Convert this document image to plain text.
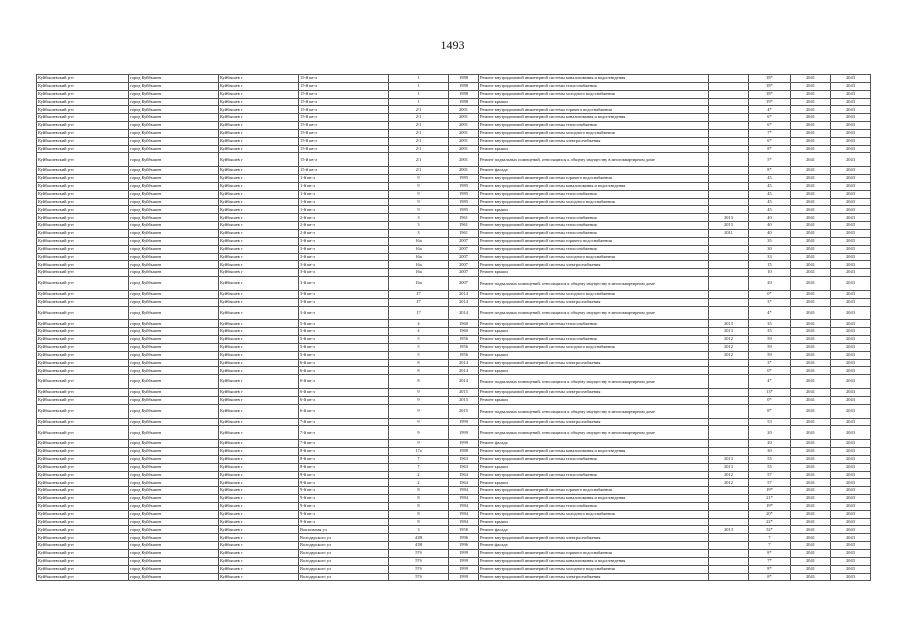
1493
Куйбышевский р-н	город Куйбышев	Куйбышев г	15-й кв-л	1	1988	Ремонт внутридомовой инженерной системы канализования и водоотведения		18*	2041	2043
Куйбышевский р-н	город Куйбышев	Куйбышев г	15-й кв-л	1	1988	Ремонт внутридомовой инженерной системы теплоснабжения		18*	2041	2043
Куйбышевский р-н	город Куйбышев	Куйбышев г	15-й кв-л	1	1988	Ремонт внутридомовой инженерной системы холодного водоснабжения		18*	2041	2043
Куйбышевский р-н	город Куйбышев	Куйбышев г	15-й кв-л	1	1988	Ремонт крыши		19*	2041	2043
Куйбышевский р-н	город Куйбышев	Куйбышев г	15-й кв-л	2/1	2001	Ремонт внутридомовой инженерной системы горячего водоснабжения		4*	2041	2043
Куйбышевский р-н	город Куйбышев	Куйбышев г	15-й кв-л	2/1	2001	Ремонт внутридомовой инженерной системы канализования и водоотведения		6*	2041	2043
Куйбышевский р-н	город Куйбышев	Куйбышев г	15-й кв-л	2/1	2001	Ремонт внутридомовой инженерной системы теплоснабжения		6*	2041	2043
Куйбышевский р-н	город Куйбышев	Куйбышев г	15-й кв-л	2/1	2001	Ремонт внутридомовой инженерной системы холодного водоснабжения		7*	2041	2043
Куйбышевский р-н	город Куйбышев	Куйбышев г	15-й кв-л	2/1	2001	Ремонт внутридомовой инженерной системы электроснабжения		6*	2041	2043
Куйбышевский р-н	город Куйбышев	Куйбышев г	15-й кв-л	2/1	2001	Ремонт крыши		8*	2041	2043
Куйбышевский р-н	город Куйбышев	Куйбышев г	15-й кв-л	2/1	2001	Ремонт подвальных помещений, относящихся к общему имуществу в многоквартирном доме		5*	2041	2043
Куйбышевский р-н	город Куйбышев	Куйбышев г	15-й кв-л	2/1	2001	Ремонт фасада		8*	2041	2043
Куйбышевский р-н	город Куйбышев	Куйбышев г	1-й кв-л	9	1985	Ремонт внутридомовой инженерной системы горячего водоснабжения		45	2041	2043
Куйбышевский р-н	город Куйбышев	Куйбышев г	1-й кв-л	9	1985	Ремонт внутридомовой инженерной системы канализования и водоотведения		45	2041	2043
Куйбышевский р-н	город Куйбышев	Куйбышев г	1-й кв-л	9	1985	Ремонт внутридомовой инженерной системы теплоснабжения		45	2041	2043
Куйбышевский р-н	город Куйбышев	Куйбышев г	1-й кв-л	9	1985	Ремонт внутридомовой инженерной системы холодного водоснабжения		45	2041	2043
Куйбышевский р-н	город Куйбышев	Куйбышев г	1-й кв-л	9	1985	Ремонт крыши		45	2041	2043
Куйбышевский р-н	город Куйбышев	Куйбышев г	2-й кв-л	3	1961	Ремонт внутридомовой инженерной системы теплоснабжения	2013	40	2041	2043
Куйбышевский р-н	город Куйбышев	Куйбышев г	2-й кв-л	3	1961	Ремонт внутридомовой инженерной системы теплоснабжения	2013	40	2041	2043
Куйбышевский р-н	город Куйбышев	Куйбышев г	2-й кв-л	3	1961	Ремонт внутридомовой инженерной системы теплоснабжения	2011	40	2041	2043
Куйбышевский р-н	город Куйбышев	Куйбышев г	3-й кв-л	16а	2007	Ремонт внутридомовой инженерной системы горячего водоснабжения		35	2041	2043
Куйбышевский р-н	город Куйбышев	Куйбышев г	3-й кв-л	16а	2007	Ремонт внутридомовой инженерной системы теплоснабжения		30	2041	2043
Куйбышевский р-н	город Куйбышев	Куйбышев г	3-й кв-л	16а	2007	Ремонт внутридомовой инженерной системы холодного водоснабжения		33	2041	2043
Куйбышевский р-н	город Куйбышев	Куйбышев г	3-й кв-л	16а	2007	Ремонт внутридомовой инженерной системы электроснабжения		15	2041	2043
Куйбышевский р-н	город Куйбышев	Куйбышев г	3-й кв-л	16а	2007	Ремонт крыши		10	2041	2043
Куйбышевский р-н	город Куйбышев	Куйбышев г	3-й кв-л	16а	2007	Ремонт подвальных помещений, относящихся к общему имуществу в многоквартирном доме		20	2041	2043
Куйбышевский р-н	город Куйбышев	Куйбышев г	3-й кв-л	17	2014	Ремонт внутридомовой инженерной системы холодного водоснабжения		0*	2041	2043
Куйбышевский р-н	город Куйбышев	Куйбышев г	3-й кв-л	17	2014	Ремонт внутридомовой инженерной системы электроснабжения		3*	2041	2043
Куйбышевский р-н	город Куйбышев	Куйбышев г	3-й кв-л	17	2014	Ремонт подвальных помещений, относящихся к общему имуществу в многоквартирном доме		4*	2041	2043
Куйбышевский р-н	город Куйбышев	Куйбышев г	5-й кв-л	4	1960	Ремонт внутридомовой инженерной системы теплоснабжения	2013	35	2041	2043
Куйбышевский р-н	город Куйбышев	Куйбышев г	5-й кв-л	4	1960	Ремонт крыши	2013	35	2041	2043
Куйбышевский р-н	город Куйбышев	Куйбышев г	5-й кв-л	5	1956	Ремонт внутридомовой инженерной системы теплоснабжения	2012	59	2041	2043
Куйбышевский р-н	город Куйбышев	Куйбышев г	5-й кв-л	5	1956	Ремонт внутридомовой инженерной системы холодного водоснабжения	2012	59	2041	2043
Куйбышевский р-н	город Куйбышев	Куйбышев г	5-й кв-л	5	1956	Ремонт крыши	2012	59	2041	2043
Куйбышевский р-н	город Куйбышев	Куйбышев г	6-й кв-л	8	2014	Ремонт внутридомовой инженерной системы электроснабжения		3*	2041	2043
Куйбышевский р-н	город Куйбышев	Куйбышев г	6-й кв-л	8	2014	Ремонт крыши		0*	2041	2043
Куйбышевский р-н	город Куйбышев	Куйбышев г	6-й кв-л	8	2014	Ремонт подвальных помещений, относящихся к общему имуществу в многоквартирном доме		4*	2041	2043
Куйбышевский р-н	город Куйбышев	Куйбышев г	6-й кв-л	9	2015	Ремонт внутридомовой инженерной системы электроснабжения		13*	2041	2043
Куйбышевский р-н	город Куйбышев	Куйбышев г	6-й кв-л	9	2015	Ремонт крыши		0*	2041	2043
Куйбышевский р-н	город Куйбышев	Куйбышев г	6-й кв-л	9	2015	Ремонт подвальных помещений, относящихся к общему имуществу в многоквартирном доме		8*	2041	2043
Куйбышевский р-н	город Куйбышев	Куйбышев г	7-й кв-л	9	1999	Ремонт внутридомовой инженерной системы электроснабжения		53	2041	2043
Куйбышевский р-н	город Куйбышев	Куйбышев г	7-й кв-л	9	1999	Ремонт подвальных помещений, относящихся к общему имуществу в многоквартирном доме		20	2041	2043
Куйбышевский р-н	город Куйбышев	Куйбышев г	7-й кв-л	9	1999	Ремонт фасада		20	2041	2043
Куйбышевский р-н	город Куйбышев	Куйбышев г	8-й кв-л	17а	1988	Ремонт внутридомовой инженерной системы канализования и водоотведения		30	2041	2043
Куйбышевский р-н	город Куйбышев	Куйбышев г	8-й кв-л	7	1963	Ремонт внутридомовой инженерной системы теплоснабжения	2013	55	2041	2043
Куйбышевский р-н	город Куйбышев	Куйбышев г	8-й кв-л	7	1963	Ремонт крыши	2013	55	2041	2043
Куйбышевский р-н	город Куйбышев	Куйбышев г	9-й кв-л	2	1964	Ремонт внутридомовой инженерной системы теплоснабжения	2012	57	2041	2043
Куйбышевский р-н	город Куйбышев	Куйбышев г	9-й кв-л	2	1964	Ремонт крыши	2012	57	2041	2043
Куйбышевский р-н	город Куйбышев	Куйбышев г	9-й кв-л	8	1984	Ремонт внутридомовой инженерной системы горячего водоснабжения		19*	2041	2043
Куйбышевский р-н	город Куйбышев	Куйбышев г	9-й кв-л	8	1984	Ремонт внутридомовой инженерной системы канализования и водоотведения		21*	2041	2043
Куйбышевский р-н	город Куйбышев	Куйбышев г	9-й кв-л	8	1984	Ремонт внутридомовой инженерной системы теплоснабжения		19*	2041	2043
Куйбышевский р-н	город Куйбышев	Куйбышев г	9-й кв-л	8	1984	Ремонт внутридомовой инженерной системы холодного водоснабжения		20*	2041	2043
Куйбышевский р-н	город Куйбышев	Куйбышев г	9-й кв-л	8	1984	Ремонт крыши		22*	2041	2043
Куйбышевский р-н	город Куйбышев	Куйбышев г	Вокзальная ул	3	1958	Ремонт фасада	2013	52*	2041	2043
Куйбышевский р-н	город Куйбышев	Куйбышев г	Володарского ул	41В	1996	Ремонт внутридомовой инженерной системы электроснабжения		7	2041	2043
Куйбышевский р-н	город Куйбышев	Куйбышев г	Володарского ул	41В	1996	Ремонт фасада		7	2041	2043
Куйбышевский р-н	город Куйбышев	Куйбышев г	Володарского ул	57б	1999	Ремонт внутридомовой инженерной системы горячего водоснабжения		8*	2041	2043
Куйбышевский р-н	город Куйбышев	Куйбышев г	Володарского ул	57б	1999	Ремонт внутридомовой инженерной системы канализования и водоотведения		7*	2041	2043
Куйбышевский р-н	город Куйбышев	Куйбышев г	Володарского ул	57б	1999	Ремонт внутридомовой инженерной системы холодного водоснабжения		8*	2041	2043
Куйбышевский р-н	город Куйбышев	Куйбышев г	Володарского ул	57б	1999	Ремонт внутридомовой инженерной системы электроснабжения		8*	2041	2043
